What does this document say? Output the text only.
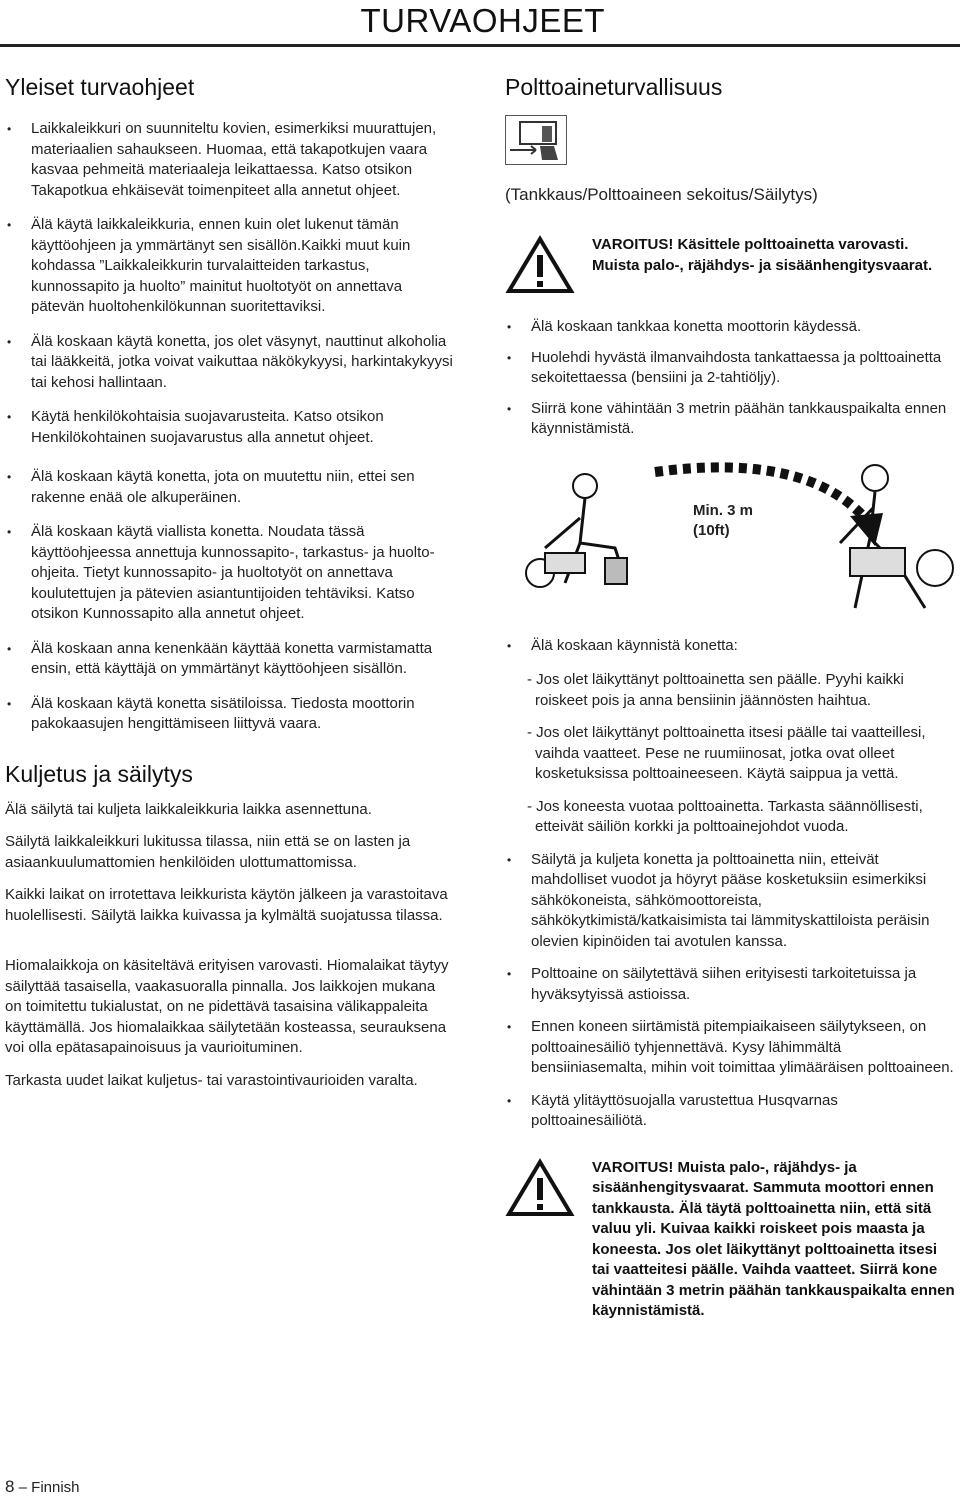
TURVAOHJEET
Yleiset turvaohjeet
• Laikkaleikkuri on suunniteltu kovien, esimerkiksi muurattujen, materiaalien sahaukseen. Huomaa, että takapotkujen vaara kasvaa pehmeitä materiaaleja leikattaessa. Katso otsikon Takapotkua ehkäisevät toimenpiteet alla annetut ohjeet.
• Älä käytä laikkaleikkuria, ennen kuin olet lukenut tämän käyttöohjeen ja ymmärtänyt sen sisällön.Kaikki muut kuin kohdassa ”Laikkaleikkurin turvalaitteiden tarkastus, kunnossapito ja huolto” mainitut huoltotyöt on annettava pätevän huoltohenkilökunnan suoritettaviksi.
• Älä koskaan käytä konetta, jos olet väsynyt, nauttinut alkoholia tai lääkkeitä, jotka voivat vaikuttaa näkökykyysi, harkintakykyysi tai kehosi hallintaan.
• Käytä henkilökohtaisia suojavarusteita. Katso otsikon Henkilökohtainen suojavarustus alla annetut ohjeet.
• Älä koskaan käytä konetta, jota on muutettu niin, ettei sen rakenne enää ole alkuperäinen.
• Älä koskaan käytä viallista konetta. Noudata tässä käyttöohjeessa annettuja kunnossapito-, tarkastus- ja huolto-ohjeita. Tietyt kunnossapito- ja huoltotyöt on annettava koulutettujen ja pätevien asiantuntijoiden tehtäviksi. Katso otsikon Kunnossapito alla annetut ohjeet.
• Älä koskaan anna kenenkään käyttää konetta varmistamatta ensin, että käyttäjä on ymmärtänyt käyttöohjeen sisällön.
• Älä koskaan käytä konetta sisätiloissa. Tiedosta moottorin pakokaasujen hengittämiseen liittyvä vaara.
Kuljetus ja säilytys

Älä säilytä tai kuljeta laikkaleikkuria laikka asennettuna.

Säilytä laikkaleikkuri lukitussa tilassa, niin että se on lasten ja asiaankuulumattomien henkilöiden ulottumattomissa.

Kaikki laikat on irrotettava leikkurista käytön jälkeen ja varastoitava huolellisesti. Säilytä laikka kuivassa ja kylmältä suojatussa tilassa.

Hiomalaikkoja on käsiteltävä erityisen varovasti. Hiomalaikat täytyy säilyttää tasaisella, vaakasuoralla pinnalla. Jos laikkojen mukana on toimitettu tukialustat, on ne pidettävä tasaisina välikappaleita käyttämällä. Jos hiomalaikkaa säilytetään kosteassa, seurauksena voi olla epätasapainoisuus ja vaurioituminen.

Tarkasta uudet laikat kuljetus- tai varastointivaurioiden varalta.

Polttoaineturvallisuus
(Tankkaus/Polttoaineen sekoitus/Säilytys)
VAROITUS! Käsittele polttoainetta varovasti. Muista palo-, räjähdys- ja sisäänhengitysvaarat.
• Älä koskaan tankkaa konetta moottorin käydessä.
• Huolehdi hyvästä ilmanvaihdosta tankattaessa ja polttoainetta sekoitettaessa (bensiini ja 2-tahtiöljy).
• Siirrä kone vähintään 3 metrin päähän tankkauspaikalta ennen käynnistämistä.
Min. 3 m
(10ft)
• Älä koskaan käynnistä konetta:
- Jos olet läikyttänyt polttoainetta sen päälle. Pyyhi kaikki roiskeet pois ja anna bensiinin jäännösten haihtua.
- Jos olet läikyttänyt polttoainetta itsesi päälle tai vaatteillesi, vaihda vaatteet. Pese ne ruumiinosat, jotka ovat olleet kosketuksissa polttoaineeseen. Käytä saippua ja vettä.
- Jos koneesta vuotaa polttoainetta. Tarkasta säännöllisesti, etteivät säiliön korkki ja polttoainejohdot vuoda.
• Säilytä ja kuljeta konetta ja polttoainetta niin, etteivät mahdolliset vuodot ja höyryt pääse kosketuksiin esimerkiksi sähkökoneista, sähkömoottoreista, sähkökytkimistä/katkaisimista tai lämmityskattiloista peräisin olevien kipinöiden tai avotulen kanssa.
• Polttoaine on säilytettävä siihen erityisesti tarkoitetuissa ja hyväksytyissä astioissa.
• Ennen koneen siirtämistä pitempiaikaiseen säilytykseen, on polttoainesäiliö tyhjennettävä. Kysy lähimmältä bensiiniasemalta, mihin voit toimittaa ylimääräisen polttoaineen.
• Käytä ylitäyttösuojalla varustettua Husqvarnas polttoainesäiliötä.
VAROITUS! Muista palo-, räjähdys- ja sisäänhengitysvaarat. Sammuta moottori ennen tankkausta. Älä täytä polttoainetta niin, että sitä valuu yli. Kuivaa kaikki roiskeet pois maasta ja koneesta. Jos olet läikyttänyt polttoainetta itsesi tai vaatteitesi päälle. Vaihda vaatteet. Siirrä kone vähintään 3 metrin päähän tankkauspaikalta ennen käynnistämistä.
8 – Finnish
